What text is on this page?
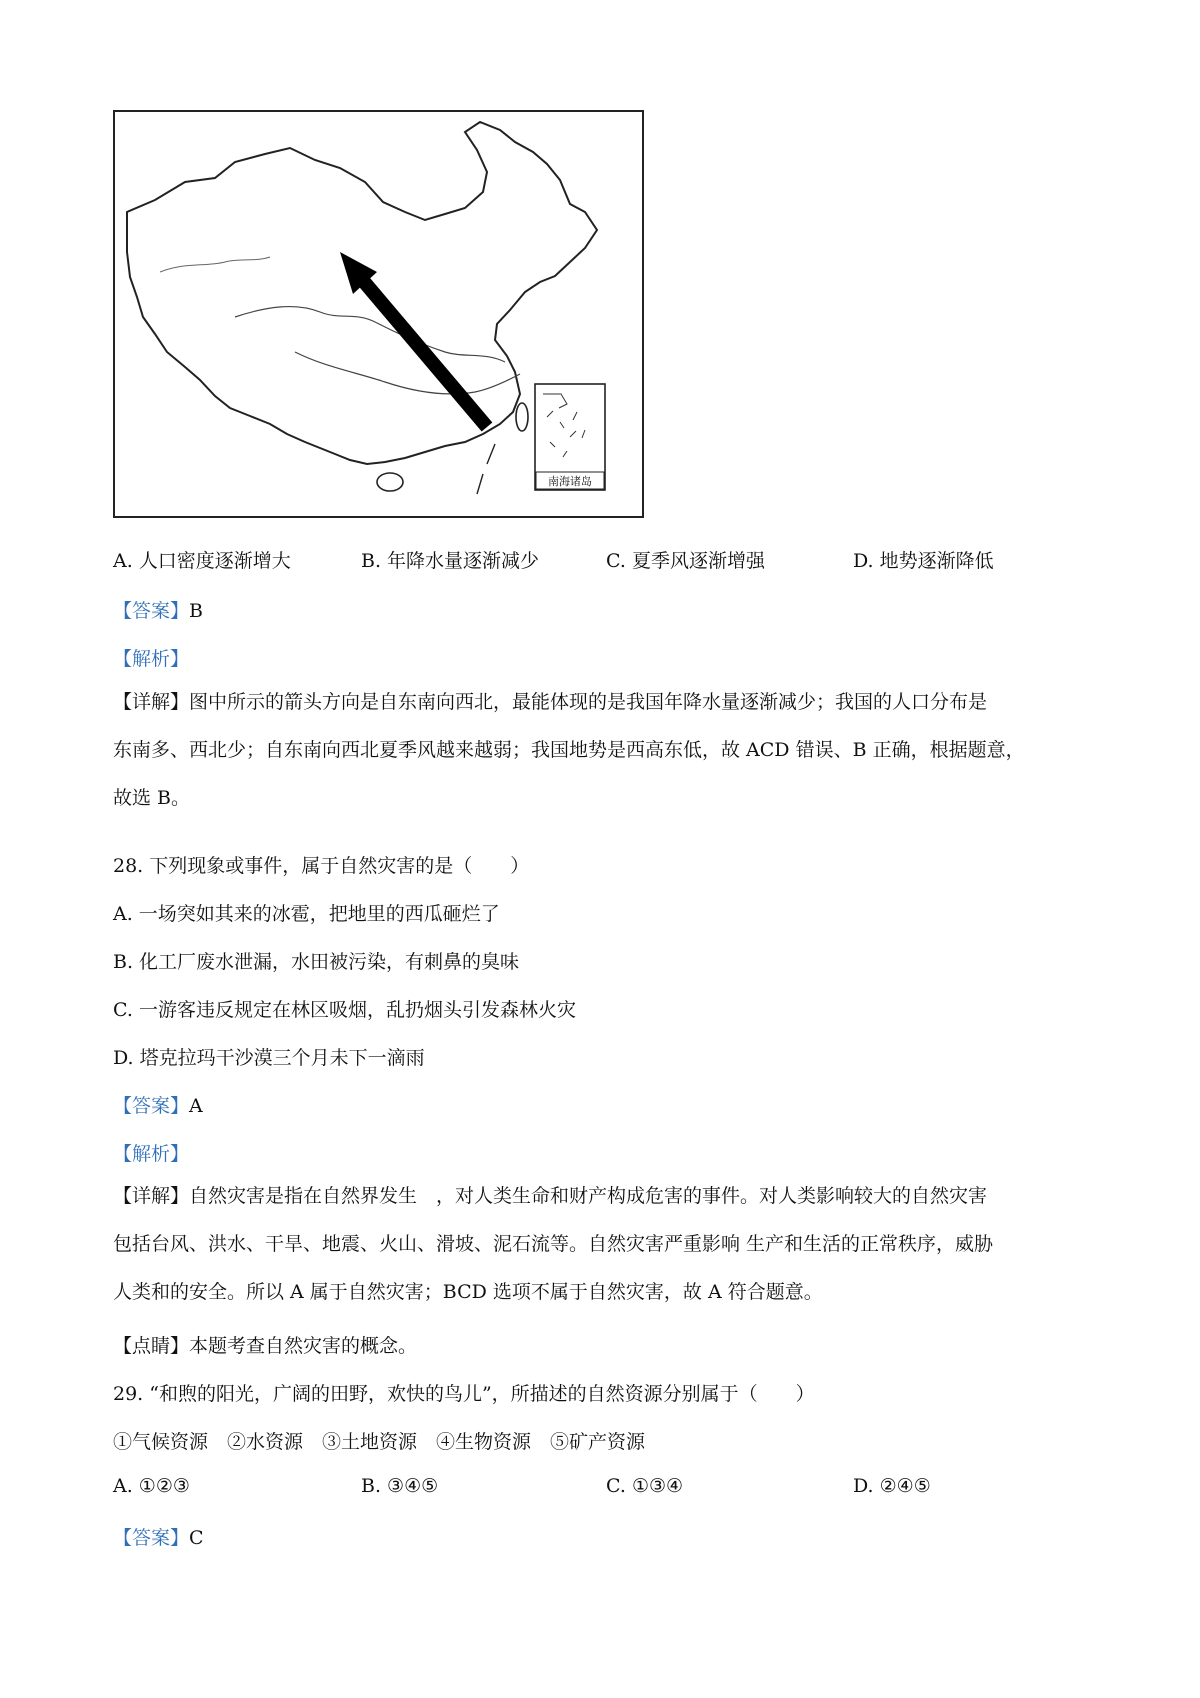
南海诸岛
A. 人口密度逐渐增大	B. 年降水量逐渐减少	C. 夏季风逐渐增强	D. 地势逐渐降低
【答案】B
【解析】
【详解】图中所示的箭头方向是自东南向西北，最能体现的是我国年降水量逐渐减少；我国的人口分布是
东南多、西北少；自东南向西北夏季风越来越弱；我国地势是西高东低，故 ACD 错误、B 正确，根据题意，
故选 B。
28. 下列现象或事件，属于自然灾害的是（　　）
A. 一场突如其来的冰雹，把地里的西瓜砸烂了
B. 化工厂废水泄漏，水田被污染，有刺鼻的臭味
C. 一游客违反规定在林区吸烟，乱扔烟头引发森林火灾
D. 塔克拉玛干沙漠三个月未下一滴雨
【答案】A
【解析】
【详解】自然灾害是指在自然界发生　，对人类生命和财产构成危害的事件。对人类影响较大的自然灾害
包括台风、洪水、干旱、地震、火山、滑坡、泥石流等。自然灾害严重影响 生产和生活的正常秩序，威胁
人类和的安全。所以 A 属于自然灾害；BCD 选项不属于自然灾害，故 A 符合题意。
【点睛】本题考查自然灾害的概念。
29. “和煦的阳光，广阔的田野，欢快的鸟儿”，所描述的自然资源分别属于（　　）
①气候资源　②水资源　③土地资源　④生物资源　⑤矿产资源
A. ①②③	B. ③④⑤	C. ①③④	D. ②④⑤
【答案】C
